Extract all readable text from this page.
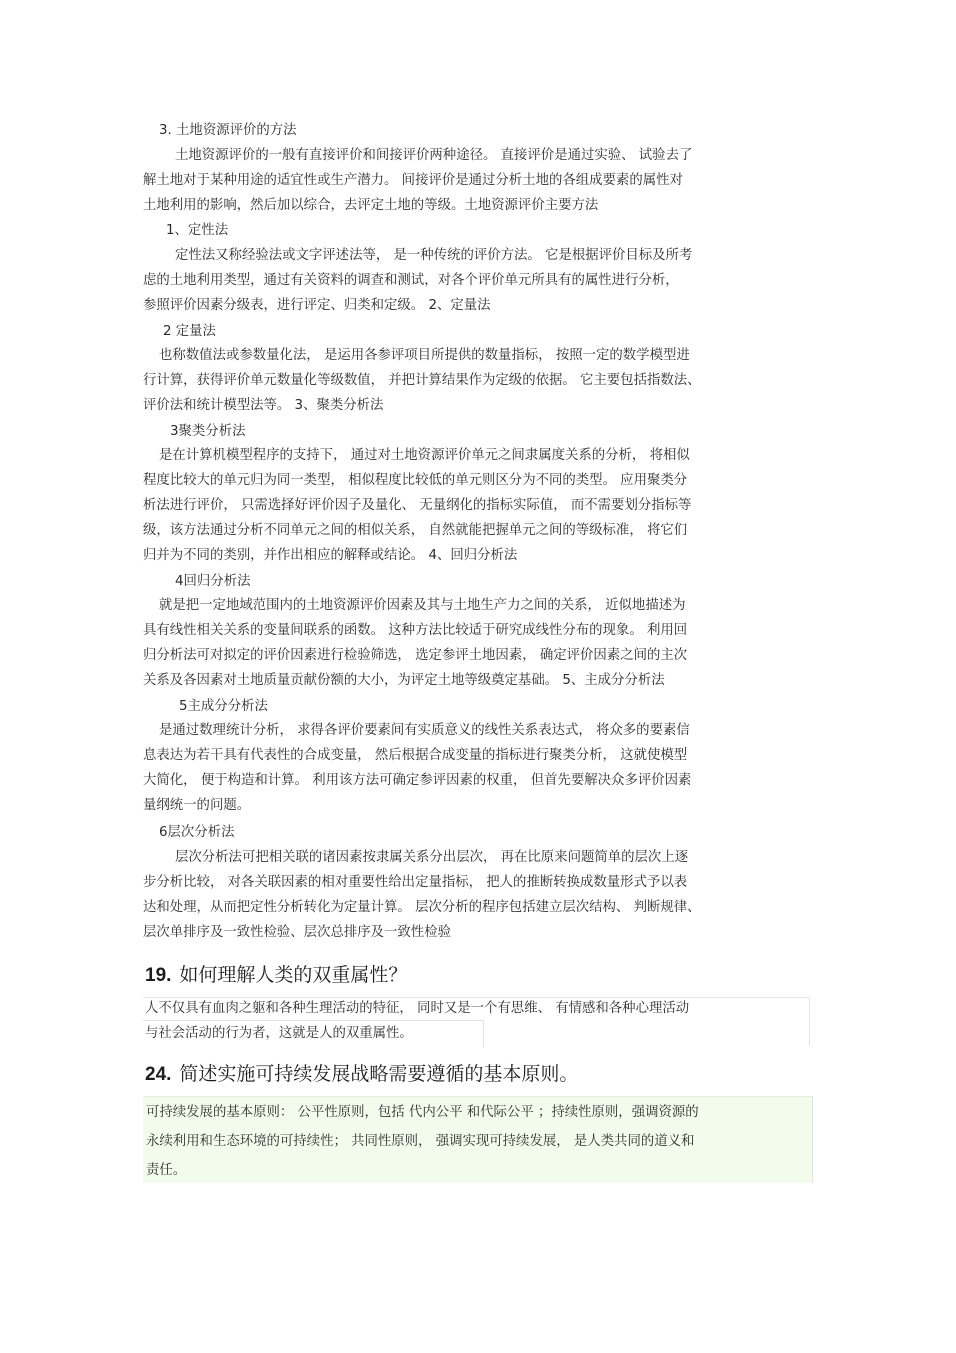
3. 土地资源评价的方法
土地资源评价的一般有直接评价和间接评价两种途径。 直接评价是通过实验、 试验去了
解土地对于某种用途的适宜性或生产潜力。 间接评价是通过分析土地的各组成要素的属性对
土地利用的影响，然后加以综合，去评定土地的等级。土地资源评价主要方法
1、定性法
定性法又称经验法或文字评述法等， 是一种传统的评价方法。 它是根据评价目标及所考
虑的土地利用类型，通过有关资料的调查和测试，对各个评价单元所具有的属性进行分析，
参照评价因素分级表，进行评定、归类和定级。 2、定量法
2 定量法
也称数值法或参数量化法， 是运用各参评项目所提供的数量指标， 按照一定的数学模型进
行计算，获得评价单元数量化等级数值， 并把计算结果作为定级的依据。 它主要包括指数法、
评价法和统计模型法等。 3、聚类分析法
3聚类分析法
是在计算机模型程序的支持下， 通过对土地资源评价单元之间隶属度关系的分析， 将相似
程度比较大的单元归为同一类型， 相似程度比较低的单元则区分为不同的类型。 应用聚类分
析法进行评价， 只需选择好评价因子及量化、 无量纲化的指标实际值， 而不需要划分指标等
级，该方法通过分析不同单元之间的相似关系， 自然就能把握单元之间的等级标准， 将它们
归并为不同的类别，并作出相应的解释或结论。 4、回归分析法
4回归分析法
就是把一定地域范围内的土地资源评价因素及其与土地生产力之间的关系， 近似地描述为
具有线性相关关系的变量间联系的函数。 这种方法比较适于研究成线性分布的现象。 利用回
归分析法可对拟定的评价因素进行检验筛选， 选定参评土地因素， 确定评价因素之间的主次
关系及各因素对土地质量贡献份额的大小，为评定土地等级奠定基础。 5、主成分分析法
5主成分分析法
是通过数理统计分析， 求得各评价要素间有实质意义的线性关系表达式， 将众多的要素信
息表达为若干具有代表性的合成变量， 然后根据合成变量的指标进行聚类分析， 这就使模型
大简化， 便于构造和计算。 利用该方法可确定参评因素的权重， 但首先要解决众多评价因素
量纲统一的问题。
6层次分析法
层次分析法可把相关联的诸因素按隶属关系分出层次， 再在比原来问题简单的层次上逐
步分析比较， 对各关联因素的相对重要性给出定量指标， 把人的推断转换成数量形式予以表
达和处理，从而把定性分析转化为定量计算。 层次分析的程序包括建立层次结构、 判断规律、
层次单排序及一致性检验、层次总排序及一致性检验
19. 如何理解人类的双重属性？
人不仅具有血肉之躯和各种生理活动的特征， 同时又是一个有思维、 有情感和各种心理活动
与社会活动的行为者，这就是人的双重属性。
24. 简述实施可持续发展战略需要遵循的基本原则。
可持续发展的基本原则： 公平性原则，包括 代内公平 和代际公平 ；持续性原则，强调资源的
永续利用和生态环境的可持续性； 共同性原则， 强调实现可持续发展， 是人类共同的道义和
责任。
